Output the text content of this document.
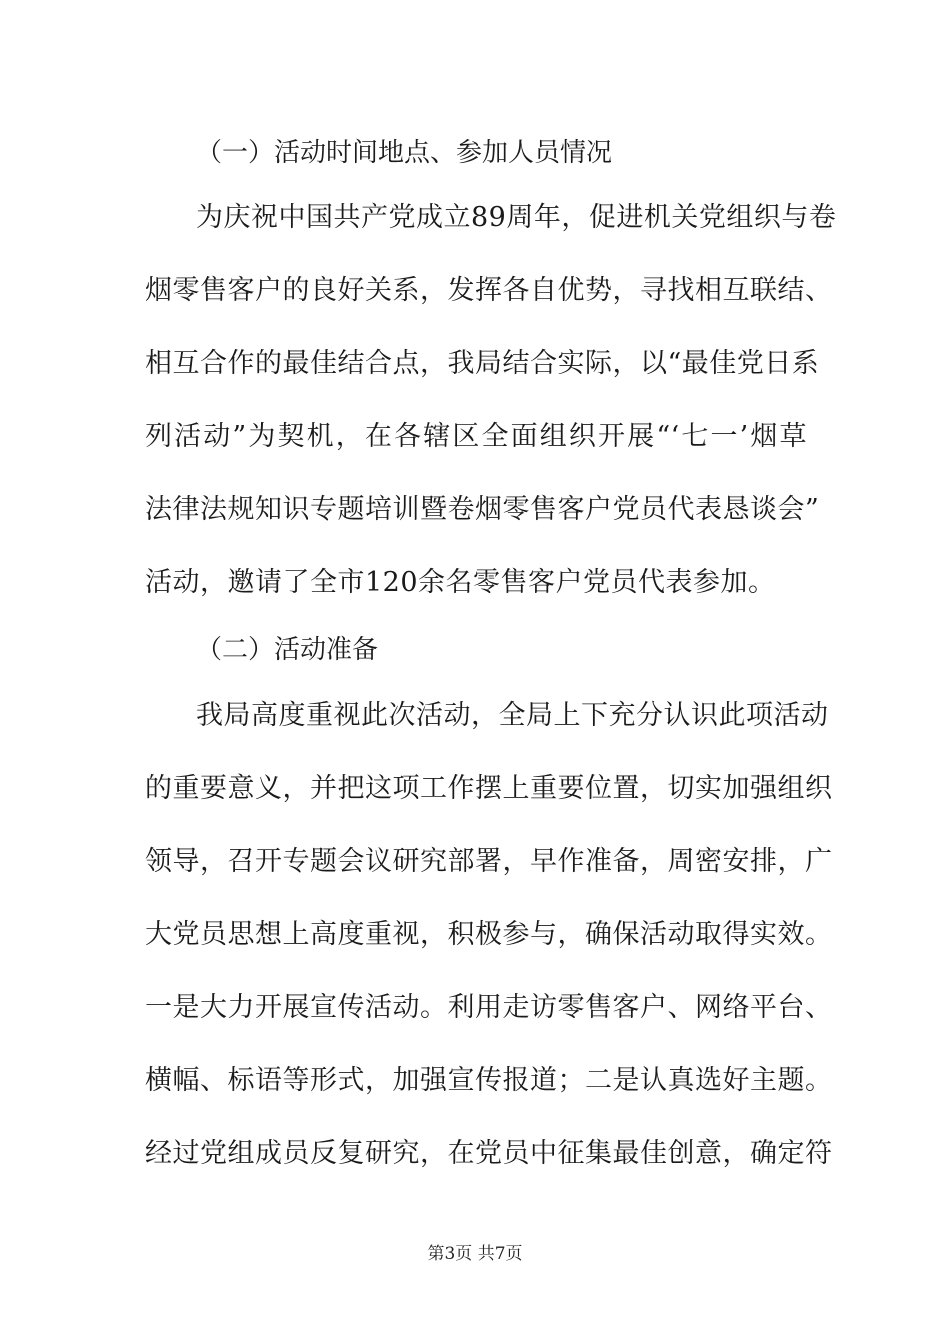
（一）活动时间地点、参加人员情况
为庆祝中国共产党成立89周年，促进机关党组织与卷
烟零售客户的良好关系，发挥各自优势，寻找相互联结、
相互合作的最佳结合点，我局结合实际，以“最佳党日系
列活动”为契机，在各辖区全面组织开展“‘七一’烟草
法律法规知识专题培训暨卷烟零售客户党员代表恳谈会”
活动，邀请了全市120余名零售客户党员代表参加。
（二）活动准备
我局高度重视此次活动，全局上下充分认识此项活动
的重要意义，并把这项工作摆上重要位置，切实加强组织
领导，召开专题会议研究部署，早作准备，周密安排，广
大党员思想上高度重视，积极参与，确保活动取得实效。
一是大力开展宣传活动。利用走访零售客户、网络平台、
横幅、标语等形式，加强宣传报道；二是认真选好主题。
经过党组成员反复研究，在党员中征集最佳创意，确定符
第3页 共7页
